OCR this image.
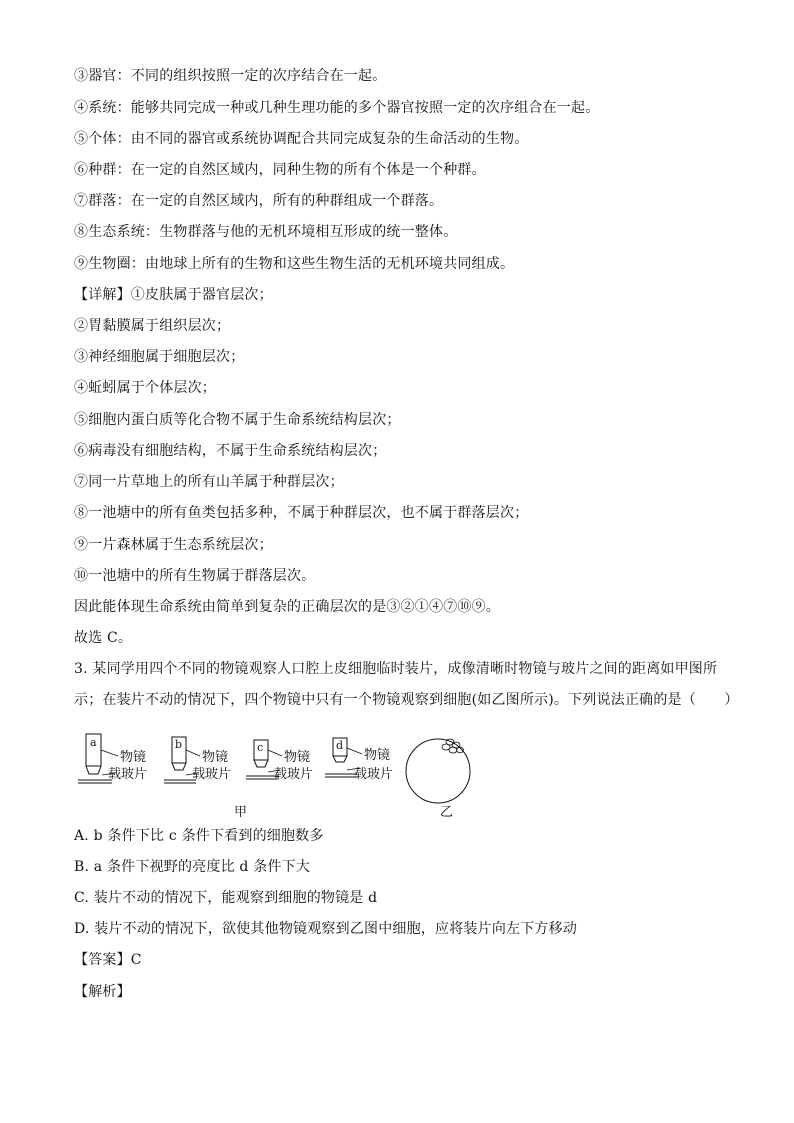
③器官：不同的组织按照一定的次序结合在一起。
④系统：能够共同完成一种或几种生理功能的多个器官按照一定的次序组合在一起。
⑤个体：由不同的器官或系统协调配合共同完成复杂的生命活动的生物。
⑥种群：在一定的自然区域内，同种生物的所有个体是一个种群。
⑦群落：在一定的自然区域内，所有的种群组成一个群落。
⑧生态系统：生物群落与他的无机环境相互形成的统一整体。
⑨生物圈：由地球上所有的生物和这些生物生活的无机环境共同组成。
【详解】①皮肤属于器官层次；
②胃黏膜属于组织层次；
③神经细胞属于细胞层次；
④蚯蚓属于个体层次；
⑤细胞内蛋白质等化合物不属于生命系统结构层次；
⑥病毒没有细胞结构，不属于生命系统结构层次；
⑦同一片草地上的所有山羊属于种群层次；
⑧一池塘中的所有鱼类包括多种，不属于种群层次，也不属于群落层次；
⑨一片森林属于生态系统层次；
⑩一池塘中的所有生物属于群落层次。
因此能体现生命系统由简单到复杂的正确层次的是③②①④⑦⑩⑨。
故选 C。
3. 某同学用四个不同的物镜观察人口腔上皮细胞临时装片，成像清晰时物镜与玻片之间的距离如甲图所
示；在装片不动的情况下，四个物镜中只有一个物镜观察到细胞(如乙图所示)。下列说法正确的是（　　）
a
物镜
载玻片
b
物镜
载玻片
c
物镜
载玻片
d
物镜
载玻片
甲	乙
A. b 条件下比 c 条件下看到的细胞数多
B. a 条件下视野的亮度比 d 条件下大
C. 装片不动的情况下，能观察到细胞的物镜是 d
D. 装片不动的情况下，欲使其他物镜观察到乙图中细胞，应将装片向左下方移动
【答案】C
【解析】
